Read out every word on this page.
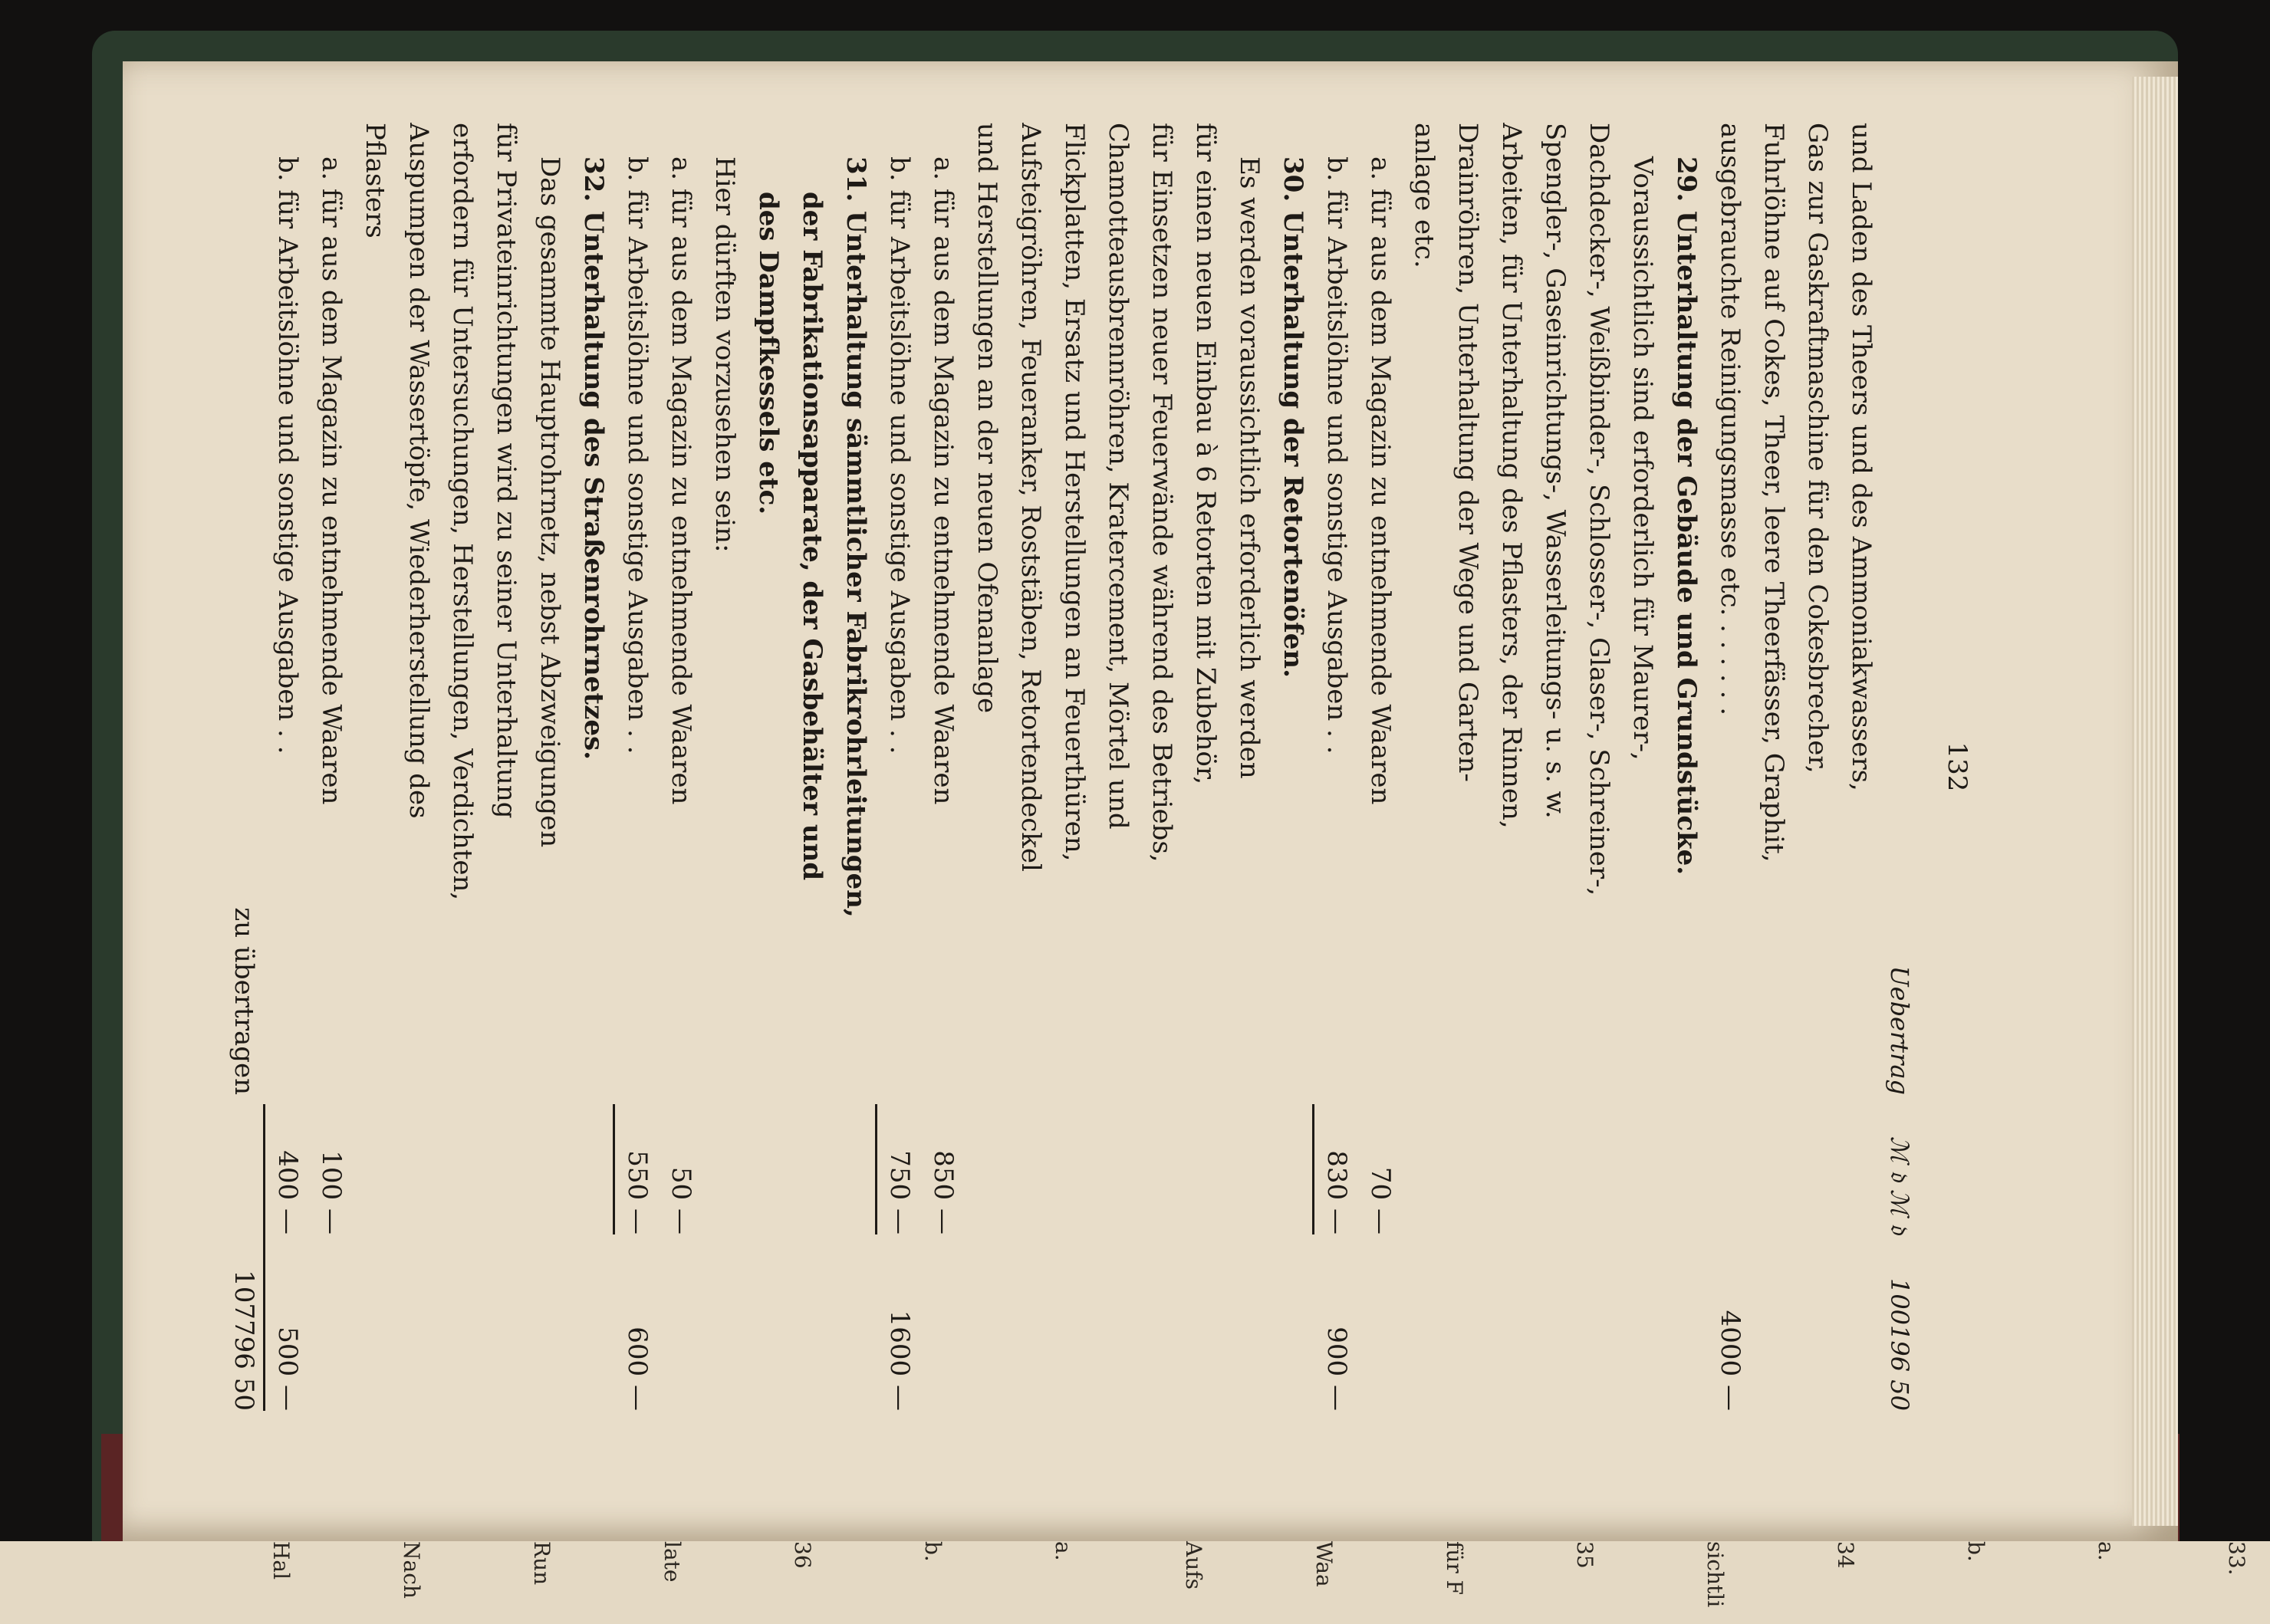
132
Uebertrag
ℳ 𝔡 ℳ 𝔡
100196 50
und Laden des Theers und des Ammoniakwassers,
Gas zur Gaskraftmaschine für den Cokesbrecher,
Fuhrlöhne auf Cokes, Theer, leere Theerfässer, Graphit,
ausgebrauchte Reinigungsmasse etc. . . . . . .
4000 —
29. Unterhaltung der Gebäude und Grundstücke.
Voraussichtlich sind erforderlich für Maurer-,
Dachdecker-, Weißbinder-, Schlosser-, Glaser-, Schreiner-,
Spengler-, Gaseinrichtungs-, Wasserleitungs- u. s. w.
Arbeiten, für Unterhaltung des Pflasters, der Rinnen,
Drainröhren, Unterhaltung der Wege und Garten-
anlage etc.
a. für aus dem Magazin zu entnehmende Waaren
70 —
b. für Arbeitslöhne und sonstige Ausgaben . .
830 —
900 —
30. Unterhaltung der Retortenöfen.
Es werden voraussichtlich erforderlich werden
für einen neuen Einbau à 6 Retorten mit Zubehör,
für Einsetzen neuer Feuerwände während des Betriebs,
Chamotteausbrennröhren, Kratercement, Mörtel und
Flickplatten, Ersatz und Herstellungen an Feuerthüren,
Aufsteigröhren, Feueranker, Roststäben, Retortendeckel
und Herstellungen an der neuen Ofenanlage
a. für aus dem Magazin zu entnehmende Waaren
850 —
b. für Arbeitslöhne und sonstige Ausgaben . .
750 —
1600 —
31. Unterhaltung sämmtlicher Fabrikrohrleitungen,
der Fabrikationsapparate, der Gasbehälter und
des Dampfkessels etc.
Hier dürften vorzusehen sein:
a. für aus dem Magazin zu entnehmende Waaren
50 —
b. für Arbeitslöhne und sonstige Ausgaben . .
550 —
600 —
32. Unterhaltung des Straßenrohrnetzes.
Das gesammte Hauptrohrnetz, nebst Abzweigungen
für Privateinrichtungen wird zu seiner Unterhaltung
erfordern für Untersuchungen, Herstellungen, Verdichten,
Auspumpen der Wassertöpfe, Wiederherstellung des
Pflasters
a. für aus dem Magazin zu entnehmende Waaren
100 —
b. für Arbeitslöhne und sonstige Ausgaben . .
400 —
500 —
zu übertragen
107796 50
33.
a.
b.
34
sichtli
35
für F
Waa
Aufs
a.
b.
36
late
Run
Nach
Hal
